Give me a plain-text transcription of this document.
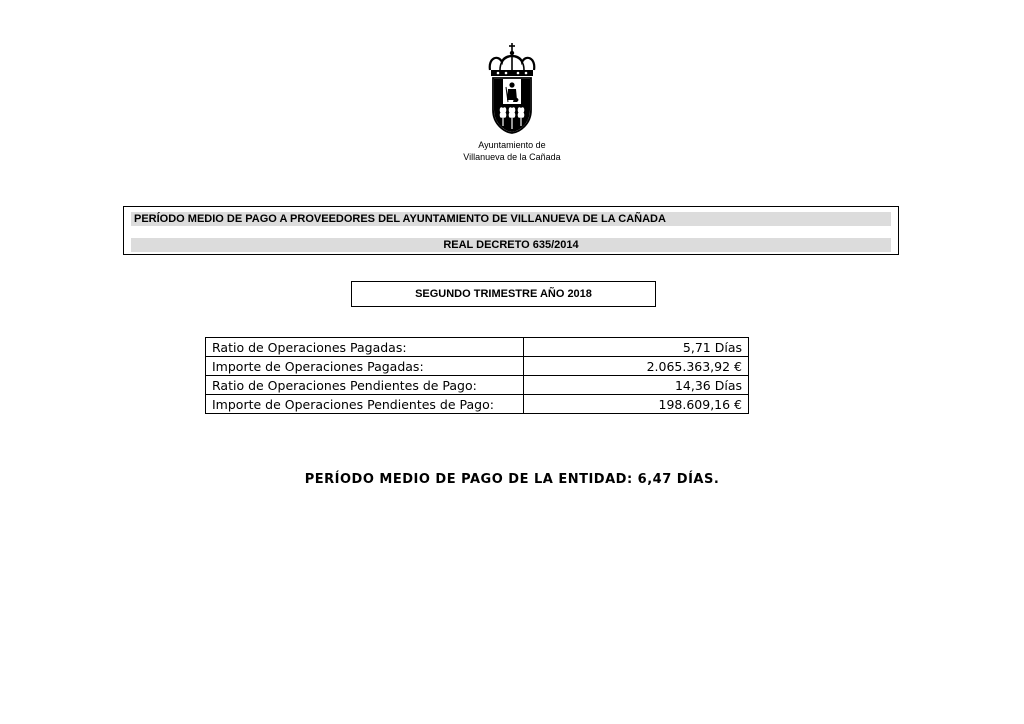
Ayuntamiento de
Villanueva de la Cañada
PERÍODO MEDIO DE PAGO A PROVEEDORES DEL AYUNTAMIENTO DE VILLANUEVA DE LA CAÑADA
REAL DECRETO 635/2014
SEGUNDO TRIMESTRE AÑO 2018
Ratio de Operaciones Pagadas:	5,71 Días
Importe de Operaciones Pagadas:	2.065.363,92 €
Ratio de Operaciones Pendientes de Pago:	14,36 Días
Importe de Operaciones Pendientes de Pago:	198.609,16 €
PERÍODO MEDIO DE PAGO DE LA ENTIDAD: 6,47 DÍAS.
